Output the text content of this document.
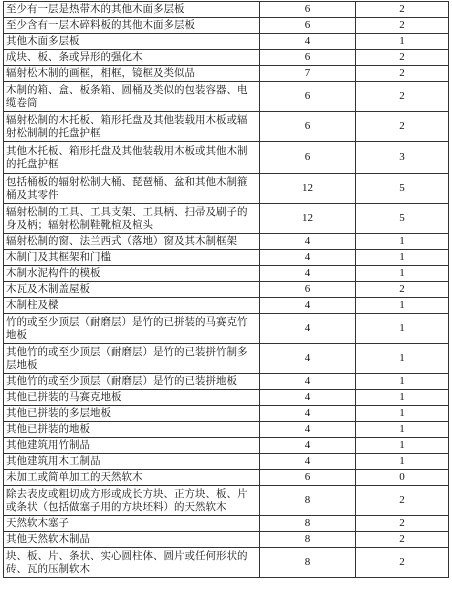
至少有一层是热带木的其他木面多层板	6	2
至少含有一层木碎料板的其他木面多层板	6	2
其他木面多层板	4	1
成块、板、条或异形的强化木	6	2
辐射松木制的画框，相框，镜框及类似品	7	2
木制的箱、盒、板条箱、圆桶及类似的包装容器、电缆卷筒	6	2
辐射松制的木托板、箱形托盘及其他装载用木板或辐射松制制的托盘护框	6	2
其他木托板、箱形托盘及其他装载用木板或其他木制的托盘护框	6	3
包括桶板的辐射松制大桶、琵琶桶、盆和其他木制箍桶及其零件	12	5
辐射松制的工具、工具支架、工具柄、扫帚及刷子的身及柄；辐射松制鞋靴楦及楦头	12	5
辐射松制的窗、法兰西式（落地）窗及其木制框架	4	1
木制门及其框架和门槛	4	1
木制水泥构件的模板	4	1
木瓦及木制盖屋板	6	2
木制柱及樑	4	1
竹的或至少顶层（耐磨层）是竹的已拼装的马赛克竹地板	4	1
其他竹的或至少顶层（耐磨层）是竹的已装拼竹制多层地板	4	1
其他竹的或至少顶层（耐磨层）是竹的已装拼地板	4	1
其他已拼装的马赛克地板	4	1
其他已拼装的多层地板	4	1
其他已拼装的地板	4	1
其他建筑用竹制品	4	1
其他建筑用木工制品	4	1
未加工或简单加工的天然软木	6	0
除去表皮或粗切成方形或成长方块、正方块、板、片或条状（包括做塞子用的方块坯料）的天然软木	8	2
天然软木塞子	8	2
其他天然软木制品	8	2
块、板、片、条状、实心圆柱体、圆片或任何形状的砖、瓦的压制软木	8	2
